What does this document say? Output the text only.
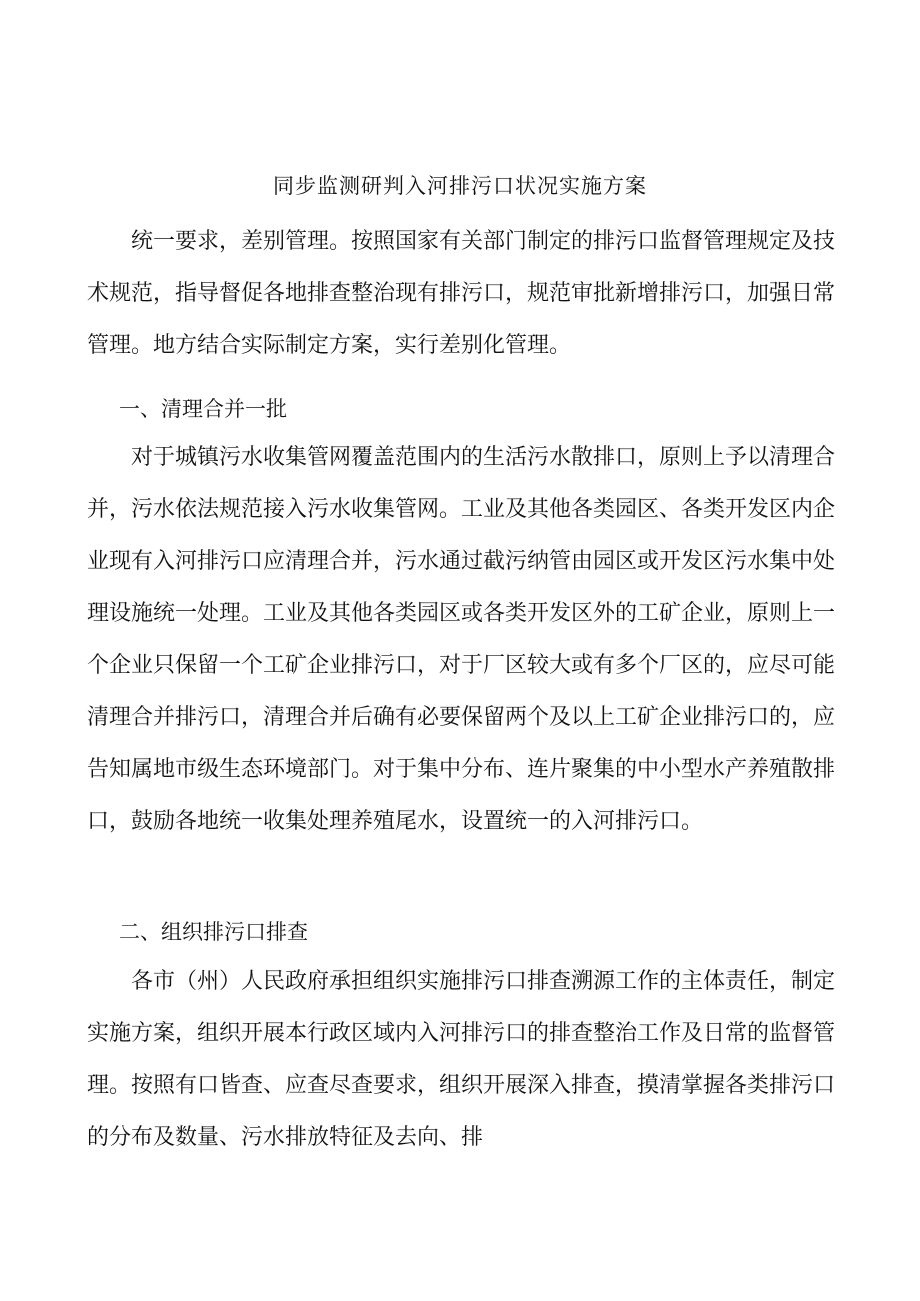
同步监测研判入河排污口状况实施方案

统一要求，差别管理。按照国家有关部门制定的排污口监督管理规定及技术规范，指导督促各地排查整治现有排污口，规范审批新增排污口，加强日常管理。地方结合实际制定方案，实行差别化管理。

一、清理合并一批

对于城镇污水收集管网覆盖范围内的生活污水散排口，原则上予以清理合并，污水依法规范接入污水收集管网。工业及其他各类园区、各类开发区内企业现有入河排污口应清理合并，污水通过截污纳管由园区或开发区污水集中处理设施统一处理。工业及其他各类园区或各类开发区外的工矿企业，原则上一个企业只保留一个工矿企业排污口，对于厂区较大或有多个厂区的，应尽可能清理合并排污口，清理合并后确有必要保留两个及以上工矿企业排污口的，应告知属地市级生态环境部门。对于集中分布、连片聚集的中小型水产养殖散排口，鼓励各地统一收集处理养殖尾水，设置统一的入河排污口。

二、组织排污口排查

各市（州）人民政府承担组织实施排污口排查溯源工作的主体责任，制定实施方案，组织开展本行政区域内入河排污口的排查整治工作及日常的监督管理。按照有口皆查、应查尽查要求，组织开展深入排查，摸清掌握各类排污口的分布及数量、污水排放特征及去向、排
